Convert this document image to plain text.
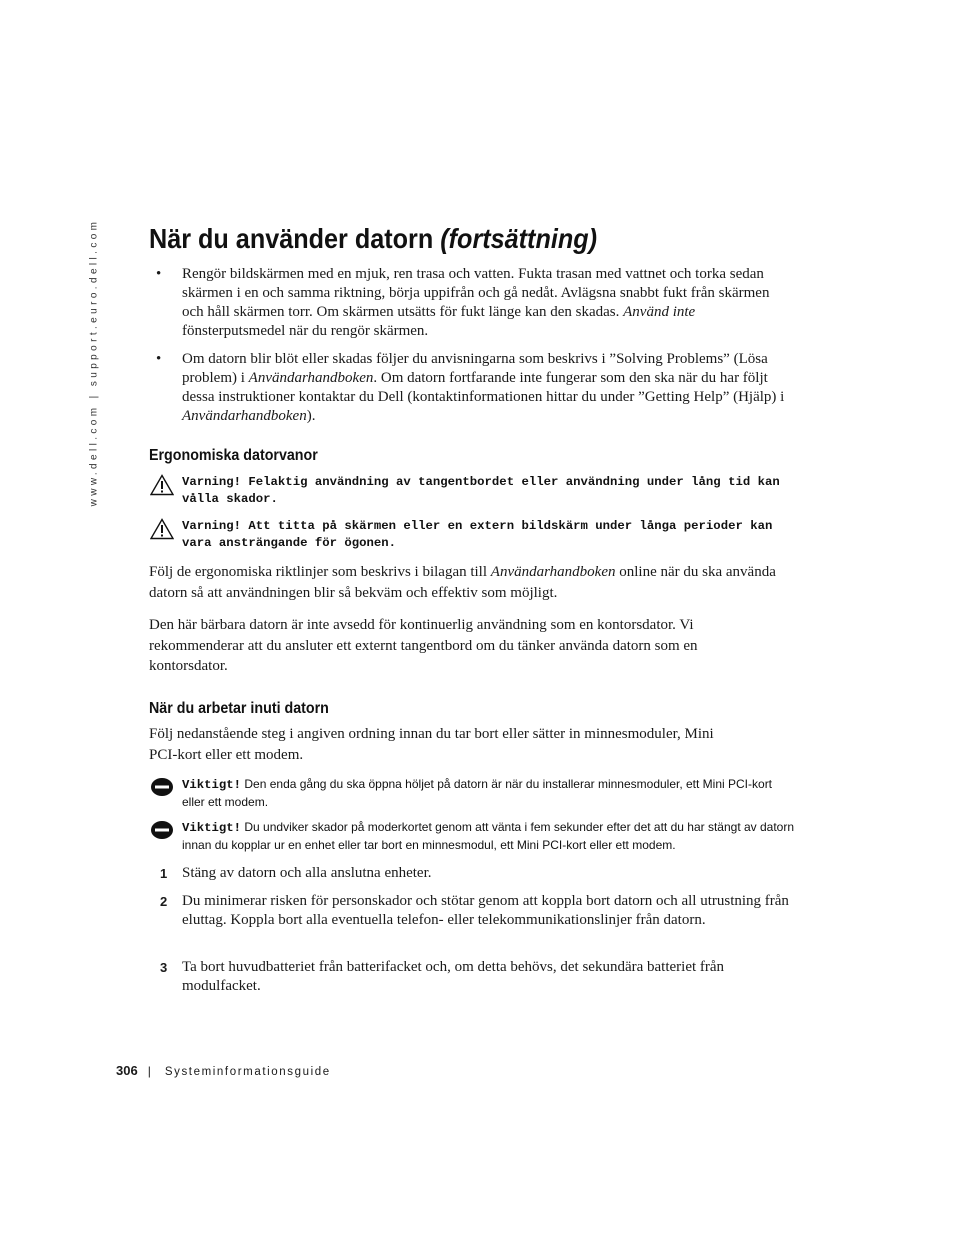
www.dell.com | support.euro.dell.com När du använder datorn (fortsättning)
• Rengör bildskärmen med en mjuk, ren trasa och vatten. Fukta trasan med vattnet och torka sedan skärmen i en och samma riktning, börja uppifrån och gå nedåt. Avlägsna snabbt fukt från skärmen och håll skärmen torr. Om skärmen utsätts för fukt länge kan den skadas. Använd inte fönsterputsmedel när du rengör skärmen.
• Om datorn blir blöt eller skadas följer du anvisningarna som beskrivs i ”Solving Problems” (Lösa problem) i Användarhandboken. Om datorn fortfarande inte fungerar som den ska när du har följt dessa instruktioner kontaktar du Dell (kontaktinformationen hittar du under ”Getting Help” (Hjälp) i Användarhandboken).
Ergonomiska datorvanor
Varning! Felaktig användning av tangentbordet eller användning under lång tid kan vålla skador.
Varning! Att titta på skärmen eller en extern bildskärm under långa perioder kan vara ansträngande för ögonen.

Följ de ergonomiska riktlinjer som beskrivs i bilagan till Användarhandboken online när du ska använda datorn så att användningen blir så bekväm och effektiv som möjligt.

Den här bärbara datorn är inte avsedd för kontinuerlig användning som en kontorsdator. Vi rekommenderar att du ansluter ett externt tangentbord om du tänker använda datorn som en kontorsdator.

När du arbetar inuti datorn

Följ nedanstående steg i angiven ordning innan du tar bort eller sätter in minnesmoduler, Mini PCI-kort eller ett modem.

Viktigt! Den enda gång du ska öppna höljet på datorn är när du installerar minnesmoduler, ett Mini PCI-kort eller ett modem.
Viktigt! Du undviker skador på moderkortet genom att vänta i fem sekunder efter det att du har stängt av datorn innan du kopplar ur en enhet eller tar bort en minnesmodul, ett Mini PCI-kort eller ett modem.
1 Stäng av datorn och alla anslutna enheter.
2 Du minimerar risken för personskador och stötar genom att koppla bort datorn och all utrustning från eluttag. Koppla bort alla eventuella telefon- eller telekommunikationslinjer från datorn.
3 Ta bort huvudbatteriet från batterifacket och, om detta behövs, det sekundära batteriet från modulfacket.
306 | Systeminformationsguide
